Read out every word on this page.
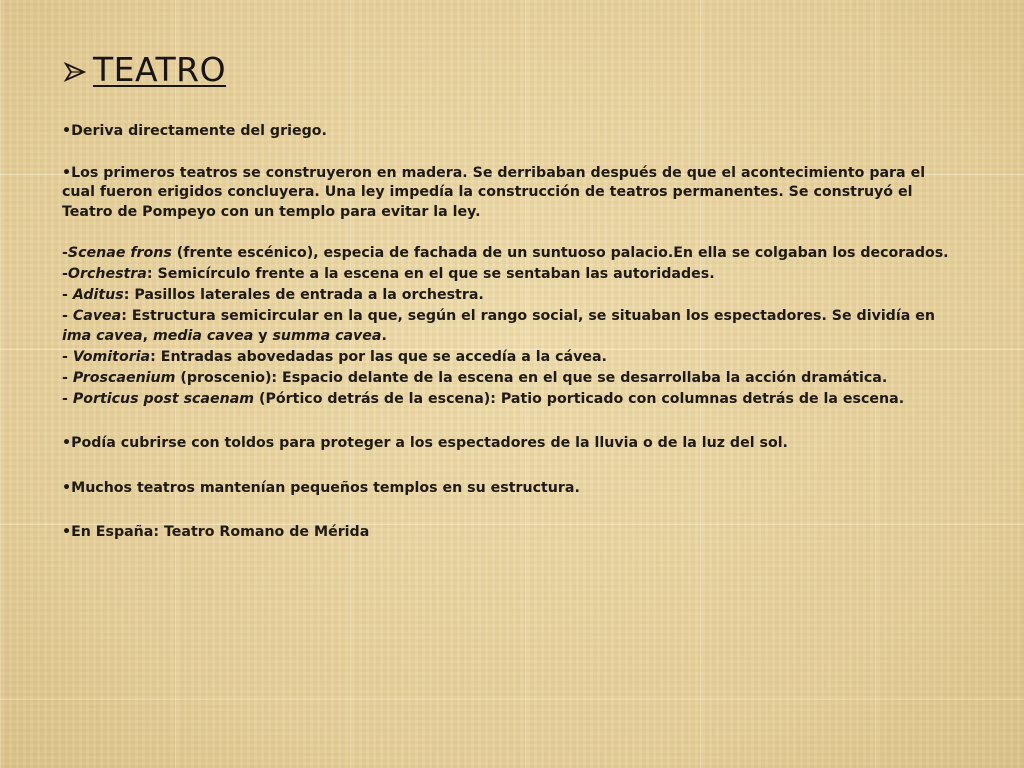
TEATRO

•Deriva directamente del griego.

•Los primeros teatros se construyeron en madera. Se derribaban después de que el acontecimiento para el cual fueron erigidos concluyera. Una ley impedía la construcción de teatros permanentes. Se construyó el Teatro de Pompeyo con un templo para evitar la ley.

-Scenae frons (frente escénico), especia de fachada de un suntuoso palacio.En ella se colgaban los decorados.

-Orchestra: Semicírculo frente a la escena en el que se sentaban las autoridades.

- Aditus: Pasillos laterales de entrada a la orchestra.

- Cavea: Estructura semicircular en la que, según el rango social, se situaban los espectadores. Se dividía en ima cavea, media cavea y summa cavea.

- Vomitoria: Entradas abovedadas por las que se accedía a la cávea.

- Proscaenium (proscenio): Espacio delante de la escena en el que se desarrollaba la acción dramática.

- Porticus post scaenam (Pórtico detrás de la escena): Patio porticado con columnas detrás de la escena.

•Podía cubrirse con toldos para proteger a los espectadores de la lluvia o de la luz del sol.

•Muchos teatros mantenían pequeños templos en su estructura.

•En España: Teatro Romano de Mérida
